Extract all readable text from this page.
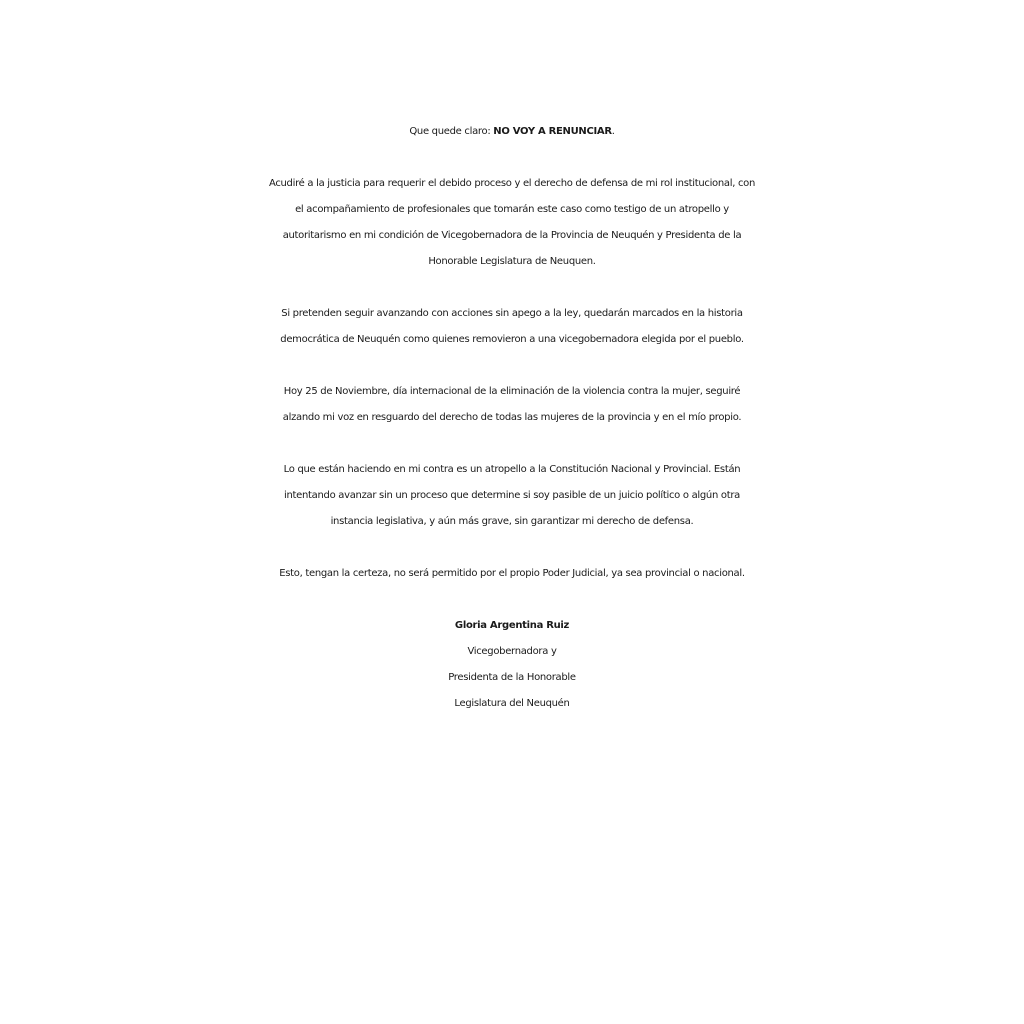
Que quede claro: NO VOY A RENUNCIAR.
Acudiré a la justicia para requerir el debido proceso y el derecho de defensa de mi rol institucional, con
el acompañamiento de profesionales que tomarán este caso como testigo de un atropello y
autoritarismo en mi condición de Vicegobernadora de la Provincia de Neuquén y Presidenta de la
Honorable Legislatura de Neuquen.
Si pretenden seguir avanzando con acciones sin apego a la ley, quedarán marcados en la historia
democrática de Neuquén como quienes removieron a una vicegobernadora elegida por el pueblo.
Hoy 25 de Noviembre, día internacional de la eliminación de la violencia contra la mujer, seguiré
alzando mi voz en resguardo del derecho de todas las mujeres de la provincia y en el mío propio.
Lo que están haciendo en mi contra es un atropello a la Constitución Nacional y Provincial. Están
intentando avanzar sin un proceso que determine si soy pasible de un juicio político o algún otra
instancia legislativa, y aún más grave, sin garantizar mi derecho de defensa.
Esto, tengan la certeza, no será permitido por el propio Poder Judicial, ya sea provincial o nacional.
Gloria Argentina Ruiz
Vicegobernadora y
Presidenta de la Honorable
Legislatura del Neuquén
